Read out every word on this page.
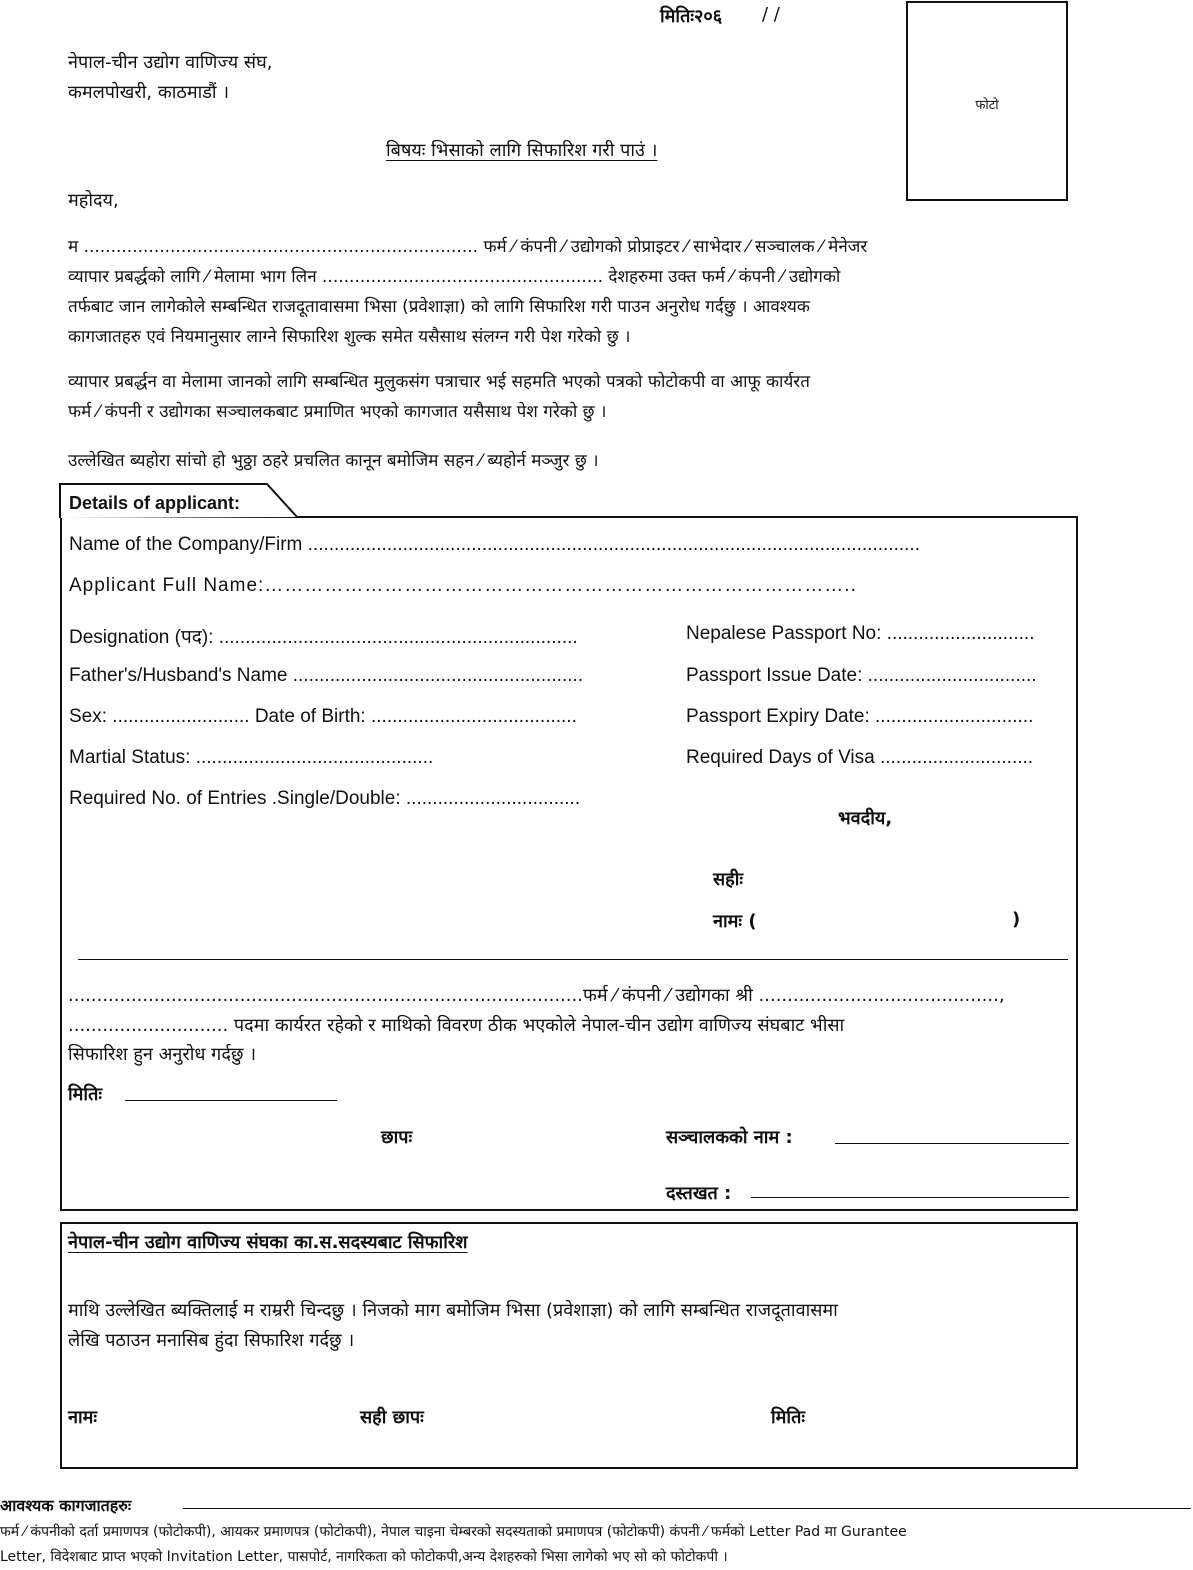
मितिः२०६ / /
नेपाल-चीन उद्योग वाणिज्य संघ,
कमलपोखरी, काठमाडौं ।
फोटो
बिषयः भिसाको लागि सिफारिश गरी पाउं ।
महोदय,
म ......................................................................... फर्म ⁄ कंपनी ⁄ उद्योगको प्रोप्राइटर ⁄ साभेदार ⁄ सञ्चालक ⁄ मेनेजर
व्यापार प्रबर्द्धको लागि ⁄ मेलामा भाग लिन .................................................... देशहरुमा उक्त फर्म ⁄ कंपनी ⁄ उद्योगको
तर्फबाट जान लागेकोले सम्बन्धित राजदूतावासमा भिसा (प्रवेशाज्ञा) को लागि सिफारिश गरी पाउन अनुरोध गर्दछु । आवश्यक
कागजातहरु एवं नियमानुसार लाग्ने सिफारिश शुल्क समेत यसैसाथ संलग्न गरी पेश गरेको छु ।
व्यापार प्रबर्द्धन वा मेलामा जानको लागि सम्बन्धित मुलुकसंग पत्राचार भई सहमति भएको पत्रको फोटोकपी वा आफू कार्यरत
फर्म ⁄ कंपनी र उद्योगका सञ्चालकबाट प्रमाणित भएको कागजात यसैसाथ पेश गरेको छु ।
उल्लेखित ब्यहोरा सांचो हो भुठ्ठा ठहरे प्रचलित कानून बमोजिम सहन ⁄ ब्यहोर्न मञ्जुर छु ।
Details of applicant:
Name of the Company/Firm ....................................................................................................................
Applicant Full Name:……………………………………………………………………………..
Designation (पद): ....................................................................
Father's/Husband's Name .......................................................
Sex: .......................... Date of Birth: .......................................
Martial Status: .............................................
Required No. of Entries .Single/Double: .................................
Nepalese Passport No: ............................
Passport Issue Date: ................................
Passport Expiry Date: ..............................
Required Days of Visa .............................
भवदीय,
सहीः
नामः (	)
..........................................................................................फर्म ⁄ कंपनी ⁄ उद्योगका श्री ..........................................,
............................ पदमा कार्यरत रहेको र माथिको विवरण ठीक भएकोले नेपाल-चीन उद्योग वाणिज्य संघबाट भीसा
सिफारिश हुन अनुरोध गर्दछु ।
मितिः
छापः	सञ्चालकको नाम :
दस्तखत :
नेपाल-चीन उद्योग वाणिज्य संघका का.स.सदस्यबाट सिफारिश
माथि उल्लेखित ब्यक्तिलाई म राम्ररी चिन्दछु । निजको माग बमोजिम भिसा (प्रवेशाज्ञा) को लागि सम्बन्धित राजदूतावासमा
लेखि पठाउन मनासिब हुंदा सिफारिश गर्दछु ।
नामः	सही छापः	मितिः
आवश्यक कागजातहरुः
फर्म ⁄ कंपनीको दर्ता प्रमाणपत्र (फोटोकपी), आयकर प्रमाणपत्र (फोटोकपी), नेपाल चाइना चेम्बरको सदस्यताको प्रमाणपत्र (फोटोकपी) कंपनी ⁄ फर्मको Letter Pad मा Gurantee
Letter, विदेशबाट प्राप्त भएको Invitation Letter, पासपोर्ट, नागरिकता को फोटोकपी,अन्य देशहरुको भिसा लागेको भए सो को फोटोकपी ।
